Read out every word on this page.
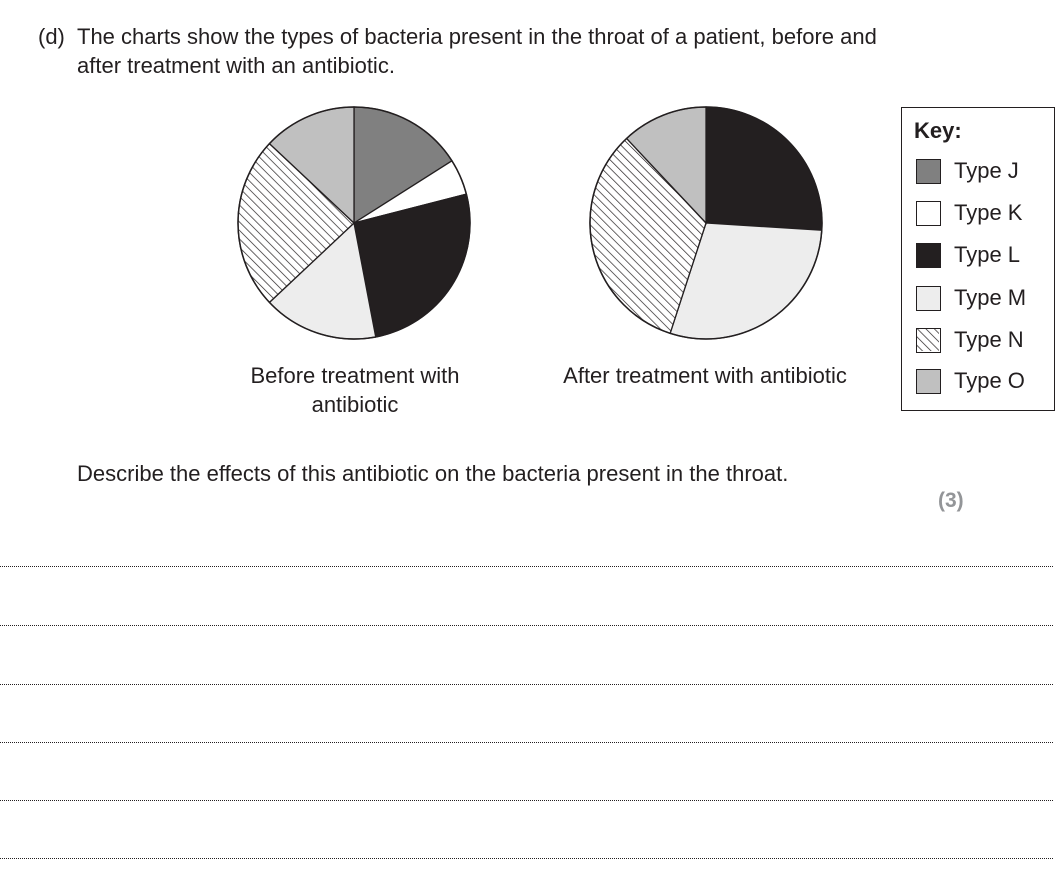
(d) The charts show the types of bacteria present in the throat of a patient, before and after treatment with an antibiotic.
Before treatment with antibiotic
After treatment with antibiotic
Key:
Type J
Type K
Type L
Type M
Type N
Type O
Describe the effects of this antibiotic on the bacteria present in the throat.
(3)
